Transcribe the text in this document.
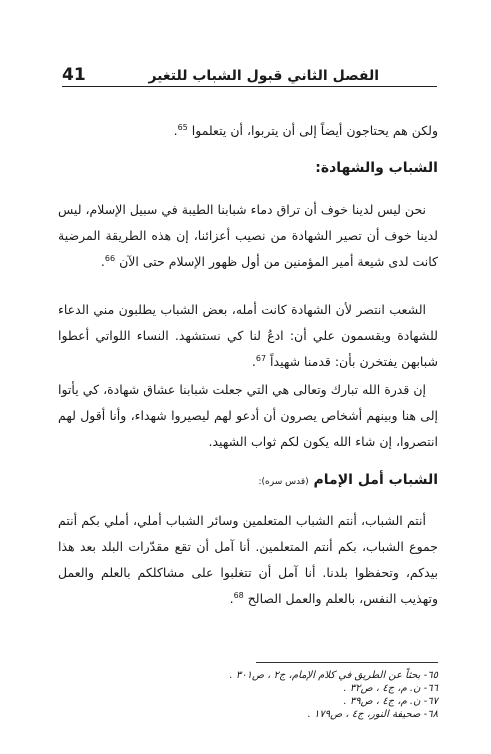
41	الفصل الثاني قبول الشباب للتغير

ولكن هم يحتاجون أيضاً إلى أن يتربوا، أن يتعلموا $^{65}$.

الشباب والشهادة:

نحن ليس لدينا خوف أن تراق دماء شبابنا الطيبة في سبيل الإسلام، ليس لدينا خوف أن تصير الشهادة من نصيب أعزائنا، إن هذه الطريقة المرضية كانت لدى شيعة أمير المؤمنين من أول ظهور الإسلام حتى الآن $^{66}$.

الشعب انتصر لأن الشهادة كانت أمله، بعض الشباب يطلبون مني الدعاء للشهادة ويقسمون علي أن: ادعُ لنا كي نستشهد. النساء اللواتي أعطوا شبابهن يفتخرن بأن: قدمنا شهيداً $^{67}$.

إن قدرة الله تبارك وتعالى هي التي جعلت شبابنا عشاق شهادة، كي يأتوا إلى هنا وبينهم أشخاص يصرون أن أدعو لهم ليصيروا شهداء، وأنا أقول لهم انتصروا، إن شاء الله يكون لكم ثواب الشهيد.

الشباب أمل الإمام (قدس سره):

أنتم الشباب، أنتم الشباب المتعلمين وسائر الشباب أملي، أملي بكم أنتم جموع الشباب، بكم أنتم المتعلمين. أنا آمل أن تقع مقدّرات البلد بعد هذا بيدكم، وتحفظوا بلدنا. أنا آمل أن تتغلبوا على مشاكلكم بالعلم والعمل وتهذيب النفس، بالعلم والعمل الصالح $^{68}$.

٦٥- بحثاً عن الطريق في كلام الإمام، ج٢ ، ص٣٠١ .
٦٦- ن. م، ج٤ ، ص٣٢ .
٦٧- ن. م، ج٤ ، ص٣٩ .
٦٨- صحيفة النور، ج٤ ، ص١٧٩ .
